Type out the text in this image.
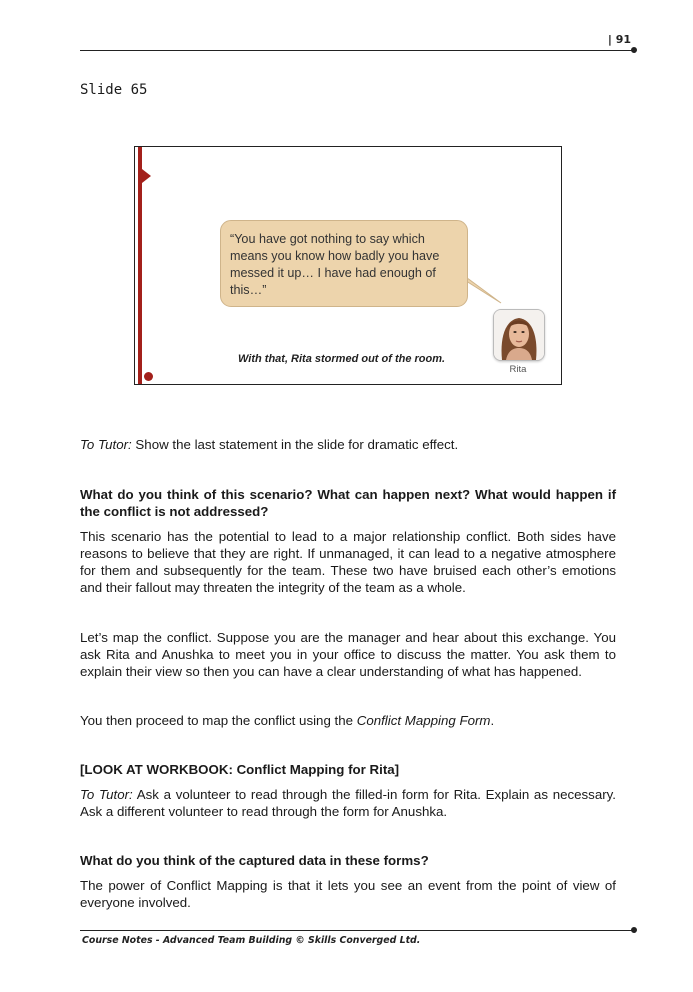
| 91
Slide 65
“You have got nothing to say which means you know how badly you have messed it up… I have had enough of this…”
With that, Rita stormed out of the room.
Rita
To Tutor: Show the last statement in the slide for dramatic effect.
What do you think of this scenario? What can happen next? What would happen if the conflict is not addressed?
This scenario has the potential to lead to a major relationship conflict. Both sides have reasons to believe that they are right. If unmanaged, it can lead to a negative atmosphere for them and subsequently for the team. These two have bruised each other’s emotions and their fallout may threaten the integrity of the team as a whole.
Let’s map the conflict. Suppose you are the manager and hear about this exchange. You ask Rita and Anushka to meet you in your office to discuss the matter. You ask them to explain their view so then you can have a clear understanding of what has happened.
You then proceed to map the conflict using the Conflict Mapping Form.
[LOOK AT WORKBOOK: Conflict Mapping for Rita]
To Tutor: Ask a volunteer to read through the filled-in form for Rita. Explain as necessary. Ask a different volunteer to read through the form for Anushka.
What do you think of the captured data in these forms?
The power of Conflict Mapping is that it lets you see an event from the point of view of everyone involved.
Course Notes - Advanced Team Building © Skills Converged Ltd.
